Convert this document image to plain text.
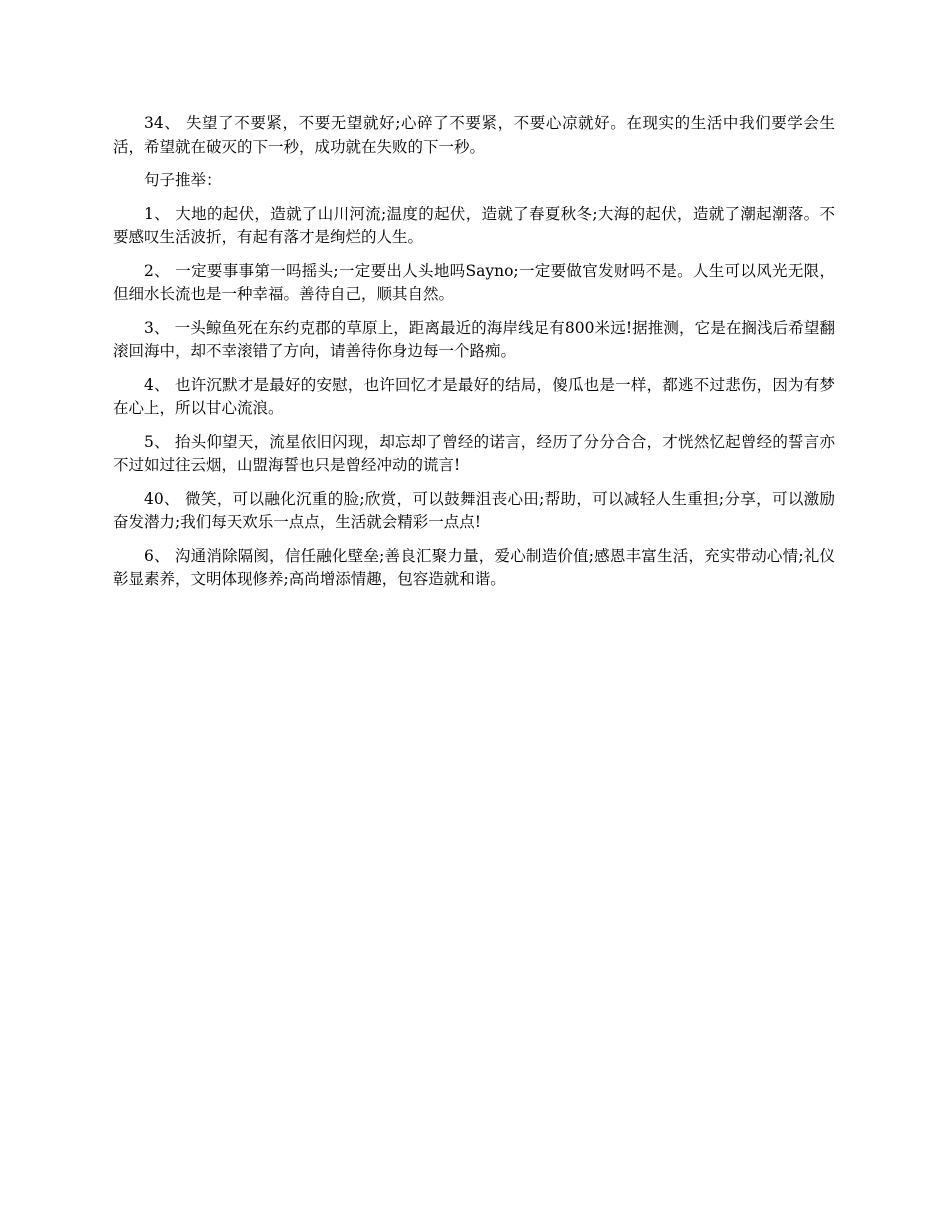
34、 失望了不要紧，不要无望就好;心碎了不要紧，不要心凉就好。在现实的生活中我们要学会生活，希望就在破灭的下一秒，成功就在失败的下一秒。

句子推举：

1、 大地的起伏，造就了山川河流;温度的起伏，造就了春夏秋冬;大海的起伏，造就了潮起潮落。不要感叹生活波折，有起有落才是绚烂的人生。

2、 一定要事事第一吗摇头;一定要出人头地吗Sayno;一定要做官发财吗不是。人生可以风光无限，但细水长流也是一种幸福。善待自己，顺其自然。

3、 一头鲸鱼死在东约克郡的草原上，距离最近的海岸线足有800米远!据推测，它是在搁浅后希望翻滚回海中，却不幸滚错了方向，请善待你身边每一个路痴。

4、 也许沉默才是最好的安慰，也许回忆才是最好的结局，傻瓜也是一样，都逃不过悲伤，因为有梦在心上，所以甘心流浪。

5、 抬头仰望天，流星依旧闪现，却忘却了曾经的诺言，经历了分分合合，才恍然忆起曾经的誓言亦不过如过往云烟，山盟海誓也只是曾经冲动的谎言!

40、 微笑，可以融化沉重的脸;欣赏，可以鼓舞沮丧心田;帮助，可以减轻人生重担;分享，可以激励奋发潜力;我们每天欢乐一点点，生活就会精彩一点点!

6、 沟通消除隔阂，信任融化壁垒;善良汇聚力量，爱心制造价值;感恩丰富生活，充实带动心情;礼仪彰显素养，文明体现修养;高尚增添情趣，包容造就和谐。
